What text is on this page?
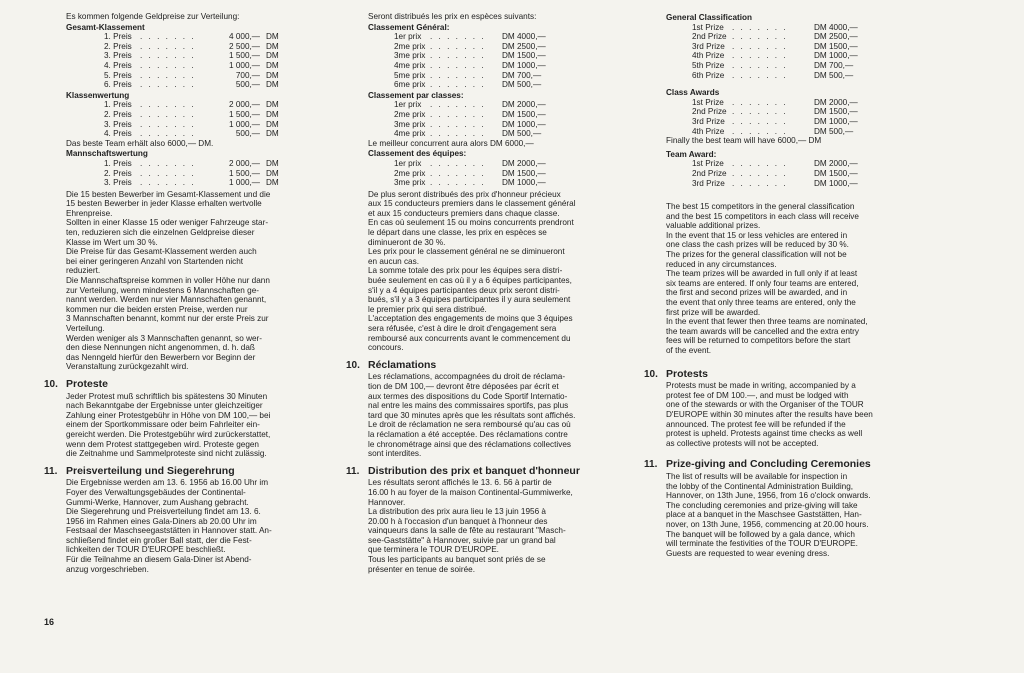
Es kommen folgende Geldpreise zur Verteilung:
Gesamt-Klassement
1. Preis	. . . . . . .	4 000,— DM
2. Preis	. . . . . . .	2 500,— DM
3. Preis	. . . . . . .	1 500,— DM
4. Preis	. . . . . . .	1 000,— DM
5. Preis	. . . . . . .	700,— DM
6. Preis	. . . . . . .	500,— DM
Klassenwertung
1. Preis	. . . . . . .	2 000,— DM
2. Preis	. . . . . . .	1 500,— DM
3. Preis	. . . . . . .	1 000,— DM
4. Preis	. . . . . . .	500,— DM
Das beste Team erhält also 6000,— DM.
Mannschaftswertung
1. Preis	. . . . . . .	2 000,— DM
2. Preis	. . . . . . .	1 500,— DM
3. Preis	. . . . . . .	1 000,— DM
Die 15 besten Bewerber im Gesamt-Klassement und die
15 besten Bewerber in jeder Klasse erhalten wertvolle
Ehrenpreise.
Sollten in einer Klasse 15 oder weniger Fahrzeuge star-
ten, reduzieren sich die einzelnen Geldpreise dieser
Klasse im Wert um 30 %.
Die Preise für das Gesamt-Klassement werden auch
bei einer geringeren Anzahl von Startenden nicht
reduziert.
Die Mannschaftspreise kommen in voller Höhe nur dann
zur Verteilung, wenn mindestens 6 Mannschaften ge-
nannt werden. Werden nur vier Mannschaften genannt,
kommen nur die beiden ersten Preise, werden nur
3 Mannschaften benannt, kommt nur der erste Preis zur
Verteilung.
Werden weniger als 3 Mannschaften genannt, so wer-
den diese Nennungen nicht angenommen, d. h. daß
das Nenngeld hierfür den Bewerbern vor Beginn der
Veranstaltung zurückgezahlt wird.
10. Proteste
Jeder Protest muß schriftlich bis spätestens 30 Minuten
nach Bekanntgabe der Ergebnisse unter gleichzeitiger
Zahlung einer Protestgebühr in Höhe von DM 100,— bei
einem der Sportkommissare oder beim Fahrleiter ein-
gereicht werden. Die Protestgebühr wird zurückerstattet,
wenn dem Protest stattgegeben wird. Proteste gegen
die Zeitnahme und Sammelproteste sind nicht zulässig.
11. Preisverteilung und Siegerehrung
Die Ergebnisse werden am 13. 6. 1956 ab 16.00 Uhr im
Foyer des Verwaltungsgebäudes der Continental-
Gummi-Werke, Hannover, zum Aushang gebracht.
Die Siegerehrung und Preisverteilung findet am 13. 6.
1956 im Rahmen eines Gala-Diners ab 20.00 Uhr im
Festsaal der Maschseegaststätten in Hannover statt. An-
schließend findet ein großer Ball statt, der die Fest-
lichkeiten der TOUR D'EUROPE beschließt.
Für die Teilnahme an diesem Gala-Diner ist Abend-
anzug vorgeschrieben.
Seront distribués les prix en espèces suivants:
Classement Général:
1er prix	. . . . . . .	DM 4000,—
2me prix . . . . . . .	DM 2500,—
3me prix . . . . . . .	DM 1500,—
4me prix . . . . . . .	DM 1000,—
5me prix . . . . . . .	DM 700,—
6me prix . . . . . . .	DM 500,—
Classement par classes:
1er prix	. . . . . . .	DM 2000,—
2me prix . . . . . . .	DM 1500,—
3me prix . . . . . . .	DM 1000,—
4me prix . . . . . . .	DM 500,—
Le meilleur concurrent aura alors DM 6000,—
Classement des équipes:
1er prix	. . . . . . .	DM 2000,—
2me prix . . . . . . .	DM 1500,—
3me prix . . . . . . .	DM 1000,—
De plus seront distribués des prix d'honneur précieux
aux 15 conducteurs premiers dans le classement général
et aux 15 conducteurs premiers dans chaque classe.
En cas où seulement 15 ou moins concurrents prendront
le départ dans une classe, les prix en espèces se
diminueront de 30 %.
Les prix pour le classement général ne se diminueront
en aucun cas.
La somme totale des prix pour les équipes sera distri-
buée seulement en cas où il y a 6 équipes participantes,
s'il y a 4 équipes participantes deux prix seront distri-
bués, s'il y a 3 équipes participantes il y aura seulement
le premier prix qui sera distribué.
L'acceptation des engagements de moins que 3 équipes
sera réfusée, c'est à dire le droit d'engagement sera
remboursé aux concurrents avant le commencement du
concours.
10. Réclamations
Les réclamations, accompagnées du droit de réclama-
tion de DM 100,— devront être déposées par écrit et
aux termes des dispositions du Code Sportif Internatio-
nal entre les mains des commissaires sportifs, pas plus
tard que 30 minutes après que les résultats sont affichés.
Le droit de réclamation ne sera remboursé qu'au cas où
la réclamation a été acceptée. Des réclamations contre
le chronométrage ainsi que des réclamations collectives
sont interdites.
11. Distribution des prix et banquet d'honneur
Les résultats seront affichés le 13. 6. 56 à partir de
16.00 h au foyer de la maison Continental-Gummiwerke,
Hannover.
La distribution des prix aura lieu le 13 juin 1956 à
20.00 h à l'occasion d'un banquet à l'honneur des
vainqueurs dans la salle de fête au restaurant "Masch-
see-Gaststätte" à Hannover, suivie par un grand bal
que terminera le TOUR D'EUROPE.
Tous les participants au banquet sont priés de se
présenter en tenue de soirée.
General Classification
1st Prize . . . . . . .	DM 4000,—
2nd Prize . . . . . . .	DM 2500,—
3rd Prize . . . . . . .	DM 1500,—
4th Prize . . . . . . .	DM 1000,—
5th Prize . . . . . . .	DM 700,—
6th Prize . . . . . . .	DM 500,—
Class Awards
1st Prize . . . . . . .	DM 2000,—
2nd Prize . . . . . . .	DM 1500,—
3rd Prize . . . . . . .	DM 1000,—
4th Prize . . . . . . .	DM 500,—
Finally the best team will have 6000,— DM
Team Award:
1st Prize . . . . . . .	DM 2000,—
2nd Prize . . . . . . .	DM 1500,—
3rd Prize . . . . . . .	DM 1000,—
The best 15 competitors in the general classification
and the best 15 competitors in each class will receive
valuable additional prizes.
In the event that 15 or less vehicles are entered in
one class the cash prizes will be reduced by 30 %.
The prizes for the general classification will not be
reduced in any circumstances.
The team prizes will be awarded in full only if at least
six teams are entered. If only four teams are entered,
the first and second prizes will be awarded, and in
the event that only three teams are entered, only the
first prize will be awarded.
In the event that fewer then three teams are nominated,
the team awards will be cancelled and the extra entry
fees will be returned to competitors before the start
of the event.
10. Protests
Protests must be made in writing, accompanied by a
protest fee of DM 100.—, and must be lodged with
one of the stewards or with the Organiser of the TOUR
D'EUROPE within 30 minutes after the results have been
announced. The protest fee will be refunded if the
protest is upheld. Protests against time checks as well
as collective protests will not be accepted.
11. Prize-giving and Concluding Ceremonies
The list of results will be available for inspection in
the lobby of the Continental Administration Building,
Hannover, on 13th June, 1956, from 16 o'clock onwards.
The concluding ceremonies and prize-giving will take
place at a banquet in the Maschsee Gaststätten, Han-
nover, on 13th June, 1956, commencing at 20.00 hours.
The banquet will be followed by a gala dance, which
will terminate the festivities of the TOUR D'EUROPE.
Guests are requested to wear evening dress.
16
